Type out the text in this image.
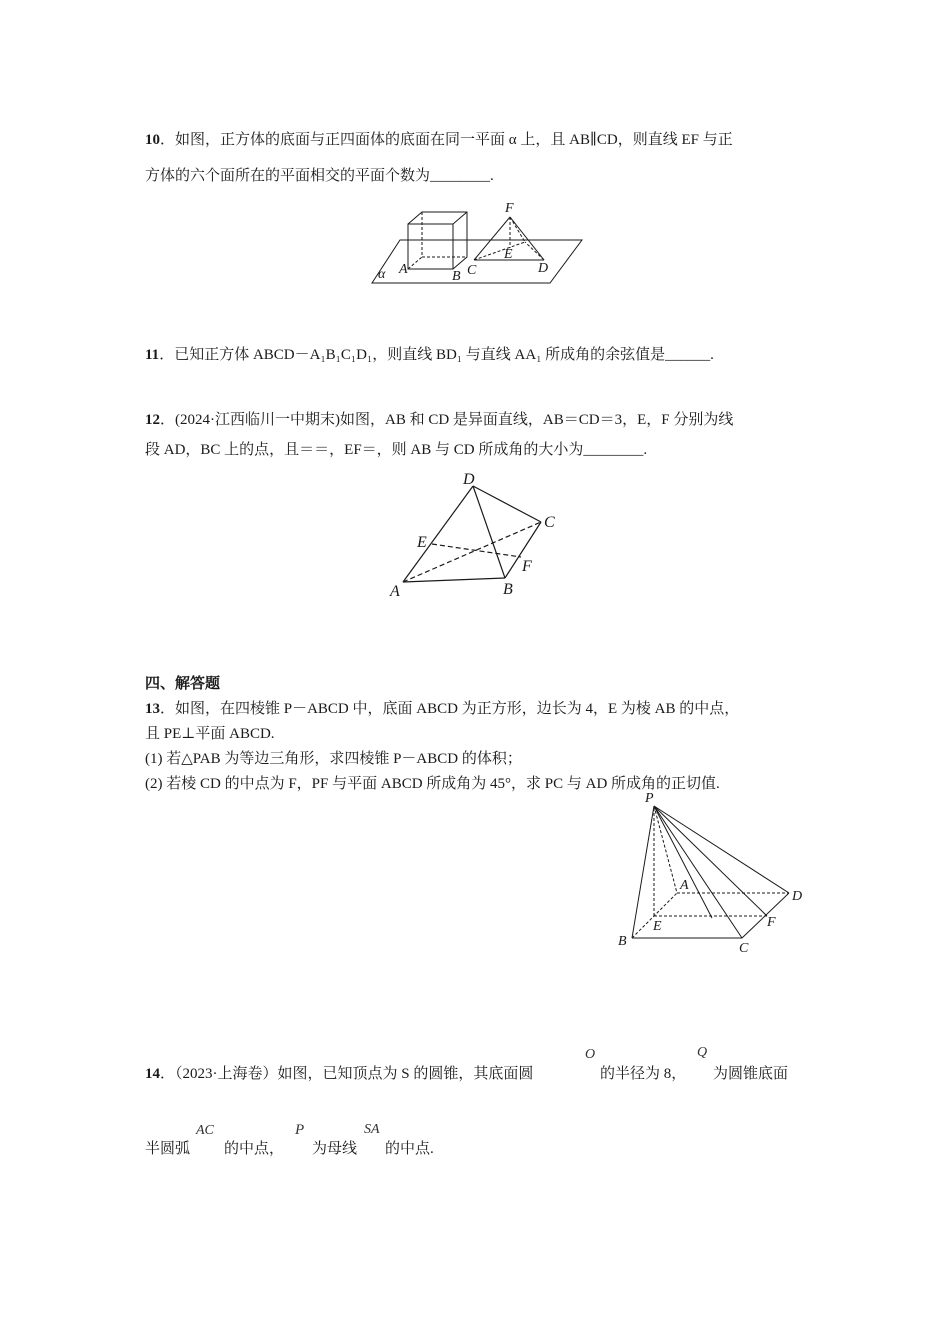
10．如图，正方体的底面与正四面体的底面在同一平面 α 上，且 AB∥CD，则直线 EF 与正
方体的六个面所在的平面相交的平面个数为________.
α A	B C	D
E
F
11．已知正方体 ABCD－A₁B₁C₁D₁，则直线 BD₁ 与直线 AA₁ 所成角的余弦值是______.
12．(2024·江西临川一中期末)如图，AB 和 CD 是异面直线，AB＝CD＝3，E，F 分别为线
段 AD，BC 上的点，且＝＝，EF＝，则 AB 与 CD 所成角的大小为________.
D
C
E
F
A	B
四、解答题
13．如图，在四棱锥 P－ABCD 中，底面 ABCD 为正方形，边长为 4，E 为棱 AB 的中点，
且 PE⊥平面 ABCD.
(1) 若△PAB 为等边三角形，求四棱锥 P－ABCD 的体积；
(2) 若棱 CD 的中点为 F，PF 与平面 ABCD 所成角为 45°，求 PC 与 AD 所成角的正切值.
P
A
D
E	F
B	C
14．（2023·上海卷）如图，已知顶点为 S 的圆锥，其底面圆
O
的半径为 8，
Q
为圆锥底面
半圆弧
AC
的中点，
P
为母线
SA
的中点.
